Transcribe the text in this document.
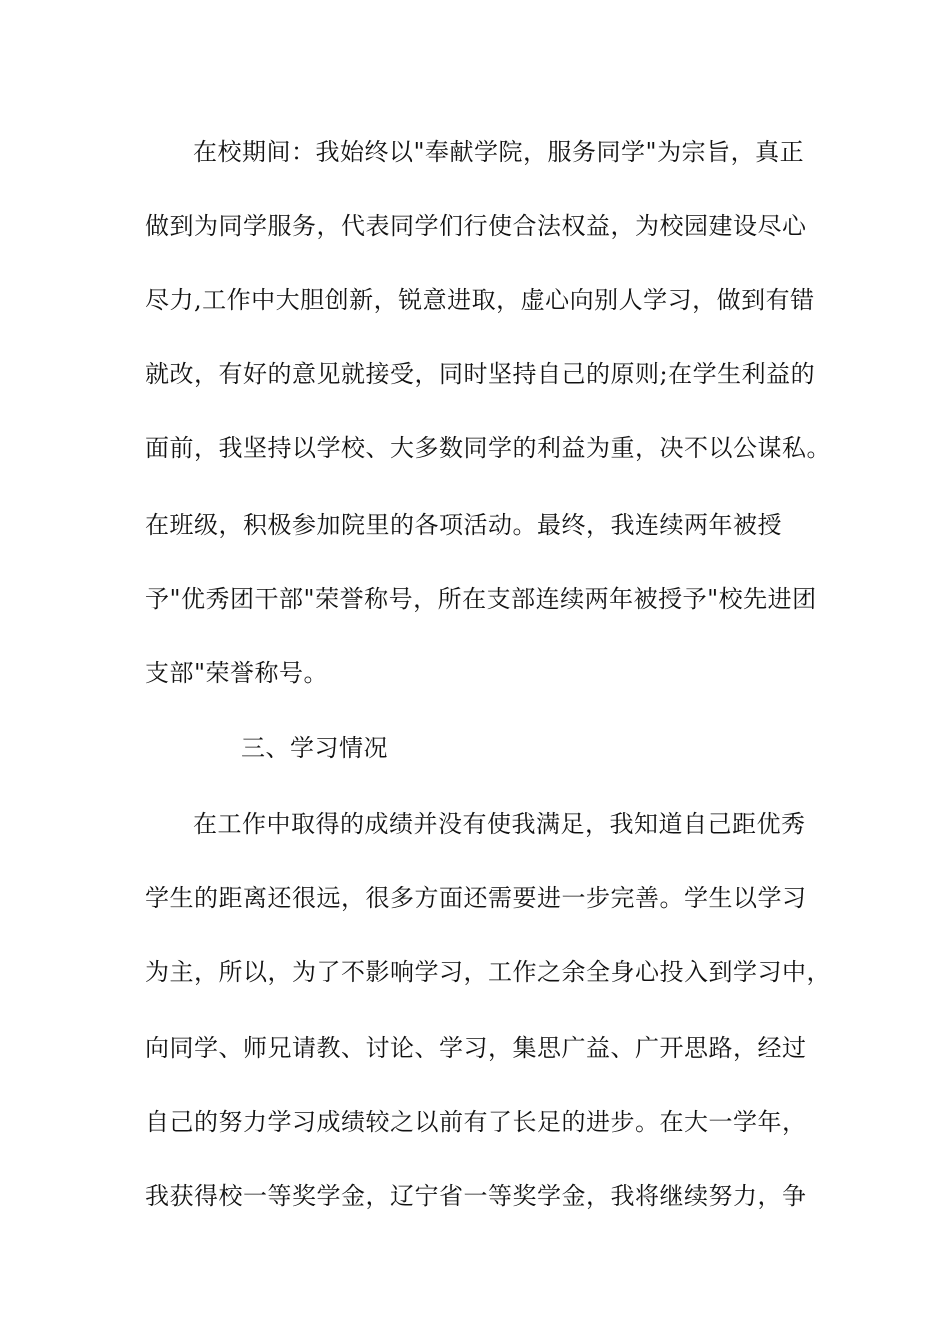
在校期间：我始终以"奉献学院，服务同学"为宗旨，真正
做到为同学服务，代表同学们行使合法权益，为校园建设尽心
尽力,工作中大胆创新，锐意进取，虚心向别人学习，做到有错
就改，有好的意见就接受，同时坚持自己的原则;在学生利益的
面前，我坚持以学校、大多数同学的利益为重，决不以公谋私。
在班级，积极参加院里的各项活动。最终，我连续两年被授
予"优秀团干部"荣誉称号，所在支部连续两年被授予"校先进团
支部"荣誉称号。
三、学习情况
在工作中取得的成绩并没有使我满足，我知道自己距优秀
学生的距离还很远，很多方面还需要进一步完善。学生以学习
为主，所以，为了不影响学习，工作之余全身心投入到学习中，
向同学、师兄请教、讨论、学习，集思广益、广开思路，经过
自己的努力学习成绩较之以前有了长足的进步。在大一学年，
我获得校一等奖学金，辽宁省一等奖学金，我将继续努力，争
